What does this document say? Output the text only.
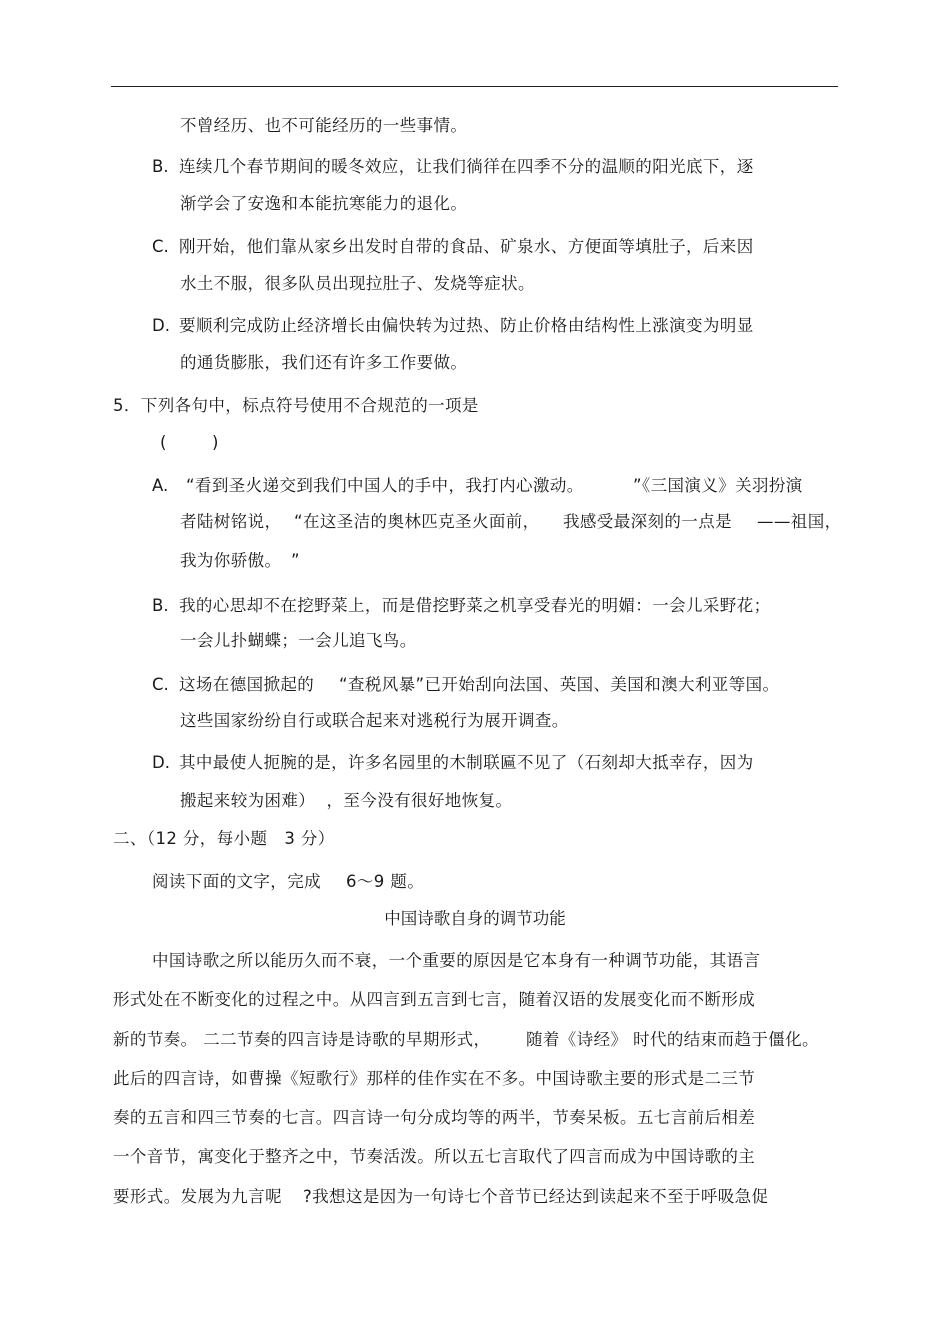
不曾经历、也不可能经历的一些事情。
B. 连续几个春节期间的暖冬效应，让我们徜徉在四季不分的温顺的阳光底下，逐
渐学会了安逸和本能抗寒能力的退化。
C. 刚开始，他们靠从家乡出发时自带的食品、矿泉水、方便面等填肚子，后来因
水土不服，很多队员出现拉肚子、发烧等症状。
D. 要顺利完成防止经济增长由偏快转为过热、防止价格由结构性上涨演变为明显
的通货膨胀，我们还有许多工作要做。
5．下列各句中，标点符号使用不合规范的一项是
(        )
A. “看到圣火递交到我们中国人的手中，我打内心激动。	”《三国演义》关羽扮演
者陆树铭说， “在这圣洁的奥林匹克圣火面前， 我感受最深刻的一点是 ——祖国，
我为你骄傲。 ”
B. 我的心思却不在挖野菜上，而是借挖野菜之机享受春光的明媚：一会儿采野花；
一会儿扑蝴蝶；一会儿追飞鸟。
C. 这场在德国掀起的 “查税风暴”已开始刮向法国、英国、美国和澳大利亚等国。
这些国家纷纷自行或联合起来对逃税行为展开调查。
D. 其中最使人扼腕的是，许多名园里的木制联匾不见了（石刻却大抵幸存，因为
搬起来较为困难）  ，至今没有很好地恢复。
二、（12 分，每小题   3 分）
阅读下面的文字，完成 6～9 题。
中国诗歌自身的调节功能
中国诗歌之所以能历久而不衰，一个重要的原因是它本身有一种调节功能，其语言
形式处在不断变化的过程之中。从四言到五言到七言，随着汉语的发展变化而不断形成
新的节奏。 二二节奏的四言诗是诗歌的早期形式， 随着《诗经》 时代的结束而趋于僵化。
此后的四言诗，如曹操《短歌行》那样的佳作实在不多。中国诗歌主要的形式是二三节
奏的五言和四三节奏的七言。四言诗一句分成均等的两半，节奏呆板。五七言前后相差
一个音节，寓变化于整齐之中，节奏活泼。所以五七言取代了四言而成为中国诗歌的主
要形式。发展为九言呢 ?我想这是因为一句诗七个音节已经达到读起来不至于呼吸急促
